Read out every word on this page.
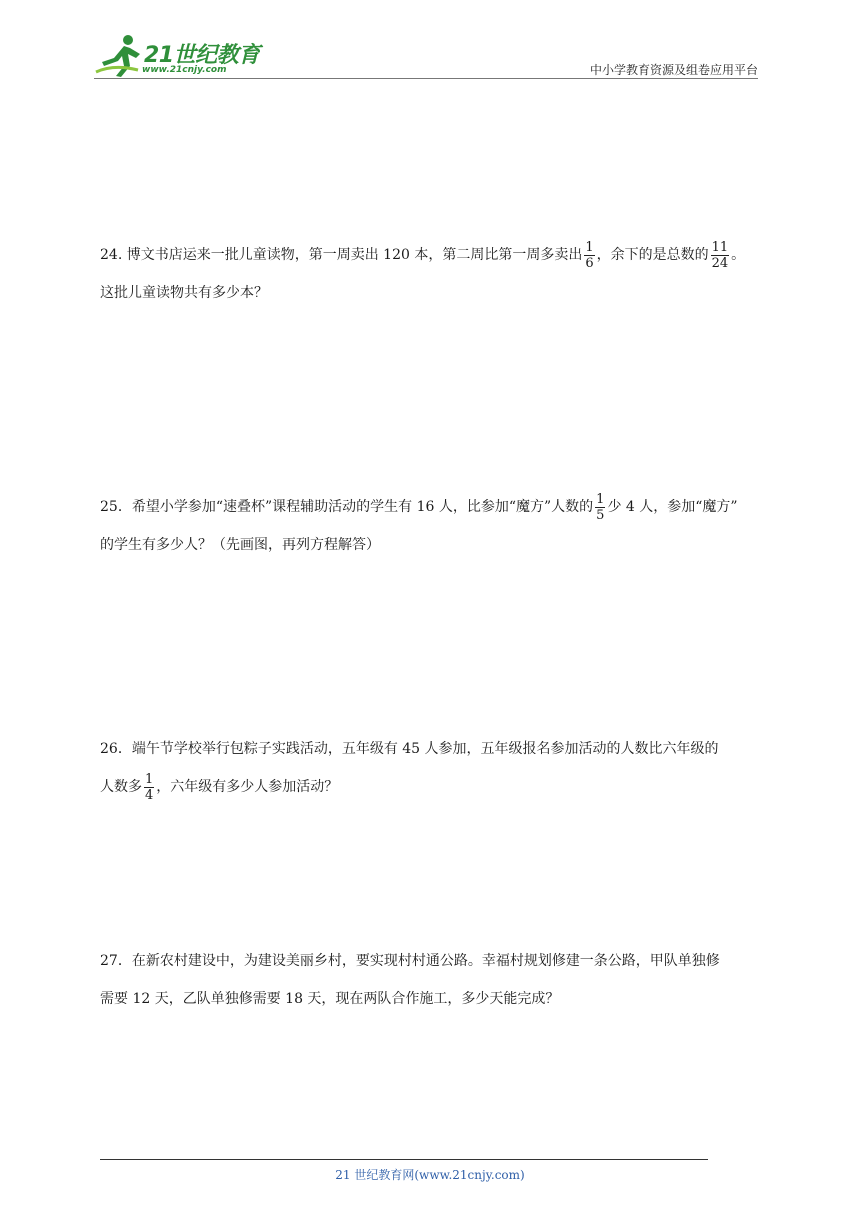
21世纪教育
www.21cnjy.com	中小学教育资源及组卷应用平台
24. 博文书店运来一批儿童读物，第一周卖出 120 本，第二周比第一周多卖出 $\frac{1}{6}$ ，余下的是总数的 $\frac{11}{24}$ 。
这批儿童读物共有多少本？
25．希望小学参加“速叠杯”课程辅助活动的学生有 16 人，比参加“魔方”人数的 $\frac{1}{5}$ 少 4 人，参加“魔方”
的学生有多少人？（先画图，再列方程解答）
26．端午节学校举行包粽子实践活动，五年级有 45 人参加，五年级报名参加活动的人数比六年级的
人数多 $\frac{1}{4}$ ，六年级有多少人参加活动？
27．在新农村建设中，为建设美丽乡村，要实现村村通公路。幸福村规划修建一条公路，甲队单独修
需要 12 天，乙队单独修需要 18 天，现在两队合作施工，多少天能完成？
21 世纪教育网(www.21cnjy.com)
